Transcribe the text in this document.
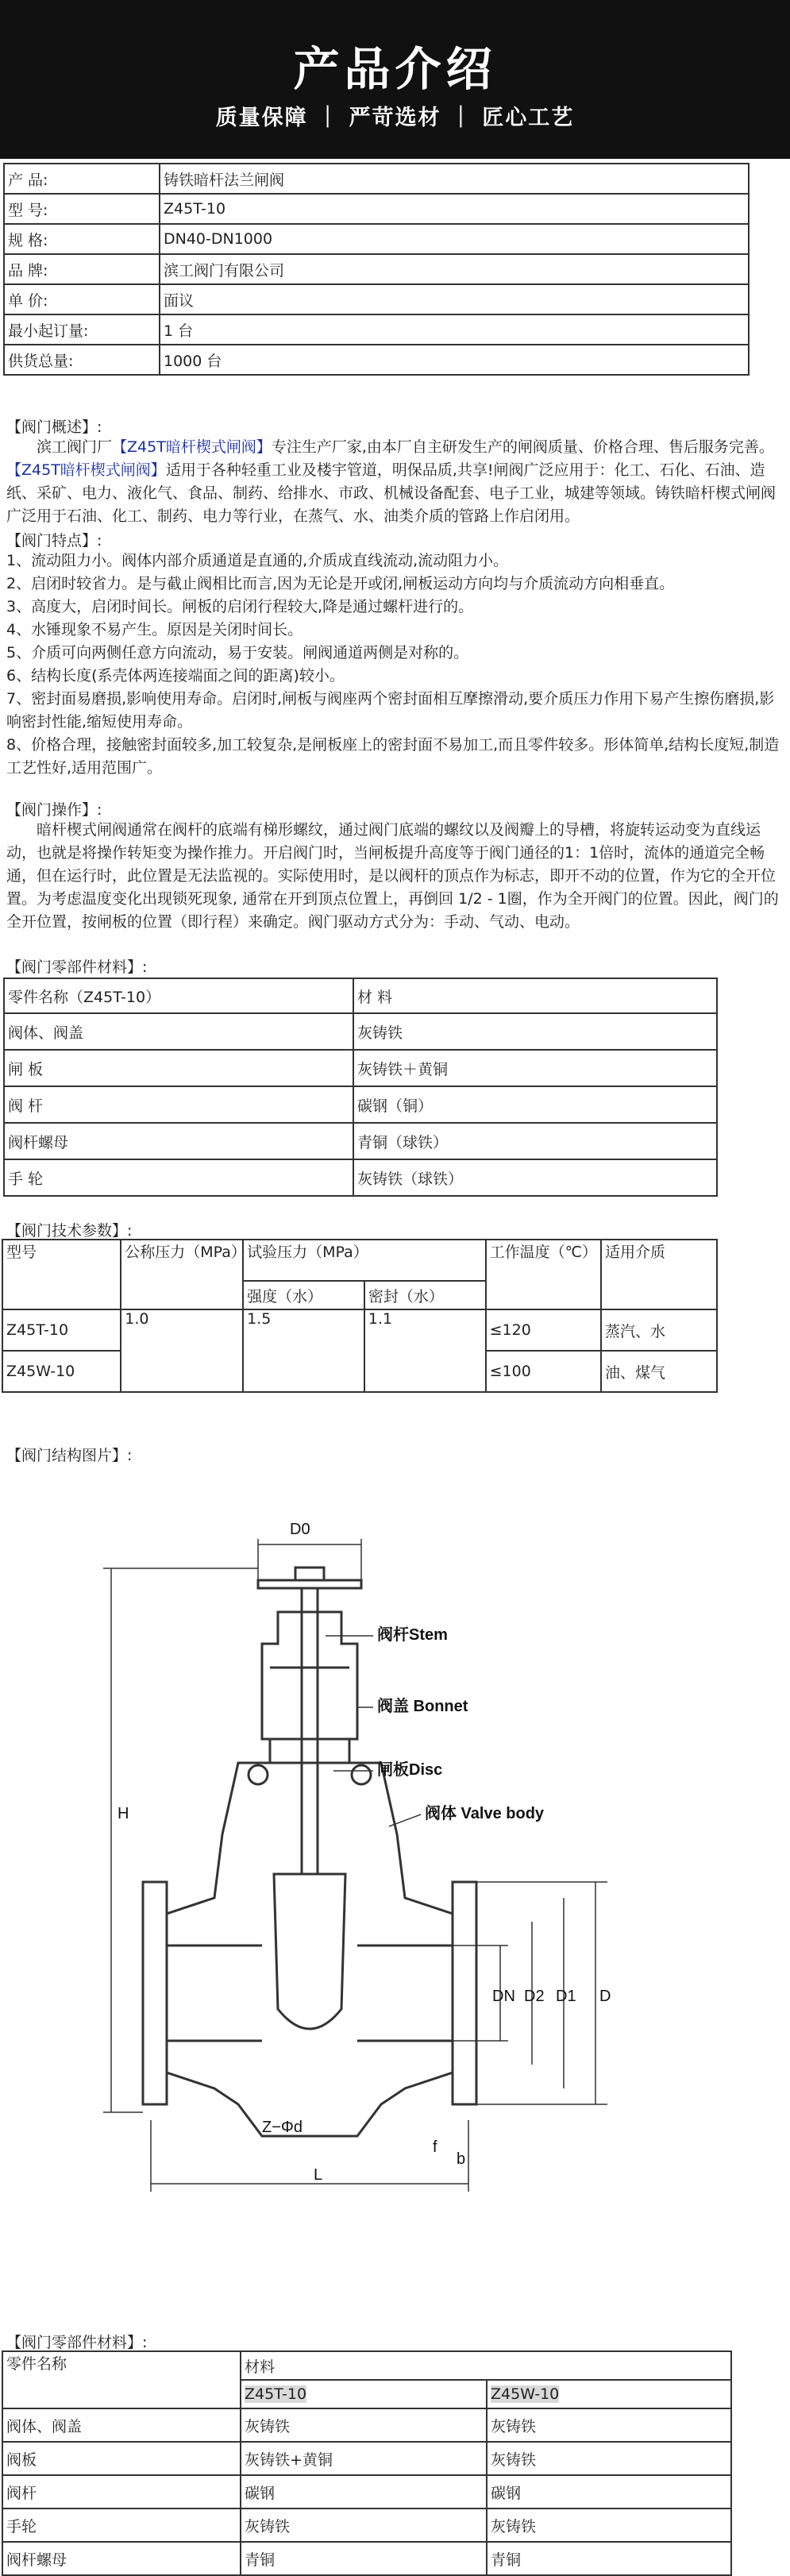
产品介绍
质量保障 ｜ 严苛选材 ｜ 匠心工艺
产 品:	铸铁暗杆法兰闸阀
型 号:	Z45T-10
规 格:	DN40-DN1000
品 牌:	滨工阀门有限公司
单 价:	面议
最小起订量:	1 台
供货总量:	1000 台
【阀门概述】:

滨工阀门厂【Z45T暗杆楔式闸阀】专注生产厂家,由本厂自主研发生产的闸阀质量、价格合理、售后服务完善。【Z45T暗杆楔式闸阀】适用于各种轻重工业及楼宇管道，明保品质,共享!闸阀广泛应用于：化工、石化、石油、造纸、采矿、电力、液化气、食品、制药、给排水、市政、机械设备配套、电子工业，城建等领域。铸铁暗杆楔式闸阀广泛用于石油、化工、制药、电力等行业，在蒸气、水、油类介质的管路上作启闭用。

【阀门特点】:

1、流动阻力小。阀体内部介质通道是直通的,介质成直线流动,流动阻力小。

2、启闭时较省力。是与截止阀相比而言,因为无论是开或闭,闸板运动方向均与介质流动方向相垂直。

3、高度大，启闭时间长。闸板的启闭行程较大,降是通过螺杆进行的。

4、水锤现象不易产生。原因是关闭时间长。

5、介质可向两侧任意方向流动，易于安装。闸阀通道两侧是对称的。

6、结构长度(系壳体两连接端面之间的距离)较小。

7、密封面易磨损,影响使用寿命。启闭时,闸板与阀座两个密封面相互摩擦滑动,要介质压力作用下易产生擦伤磨损,影响密封性能,缩短使用寿命。

8、价格合理，接触密封面较多,加工较复杂,是闸板座上的密封面不易加工,而且零件较多。形体简单,结构长度短,制造工艺性好,适用范围广。

【阀门操作】:

暗杆楔式闸阀通常在阀杆的底端有梯形螺纹，通过阀门底端的螺纹以及阀瓣上的导槽，将旋转运动变为直线运动，也就是将操作转矩变为操作推力。开启阀门时，当闸板提升高度等于阀门通径的1：1倍时，流体的通道完全畅通，但在运行时，此位置是无法监视的。实际使用时，是以阀杆的顶点作为标志，即开不动的位置，作为它的全开位置。为考虑温度变化出现锁死现象, 通常在开到顶点位置上，再倒回 1/2 - 1圈，作为全开阀门的位置。因此，阀门的全开位置，按闸板的位置（即行程）来确定。阀门驱动方式分为：手动、气动、电动。

【阀门零部件材料】:
零件名称（Z45T-10）	材 料
阀体、阀盖	灰铸铁
闸 板	灰铸铁＋黄铜
阀 杆	碳钢（铜）
阀杆螺母	青铜（球铁）
手 轮	灰铸铁（球铁）
【阀门技术参数】:
型号	公称压力（MPa）	试验压力（MPa）		工作温度（℃）	适用介质
		强度（水）	密封（水）		
Z45T-10	1.0	1.5	1.1	≤120	蒸汽、水
Z45W-10				≤100	油、煤气
【阀门结构图片】:
D0
阀杆Stem
阀盖 Bonnet
闸板Disc
阀体 Valve body
H
DN D2 D1 D
Z−Φd
f
b
L
【阀门零部件材料】:
零件名称	材料	
	Z45T-10	Z45W-10
阀体、阀盖	灰铸铁	灰铸铁
阀板	灰铸铁+黄铜	灰铸铁
阀杆	碳钢	碳钢
手轮	灰铸铁	灰铸铁
阀杆螺母	青铜	青铜
